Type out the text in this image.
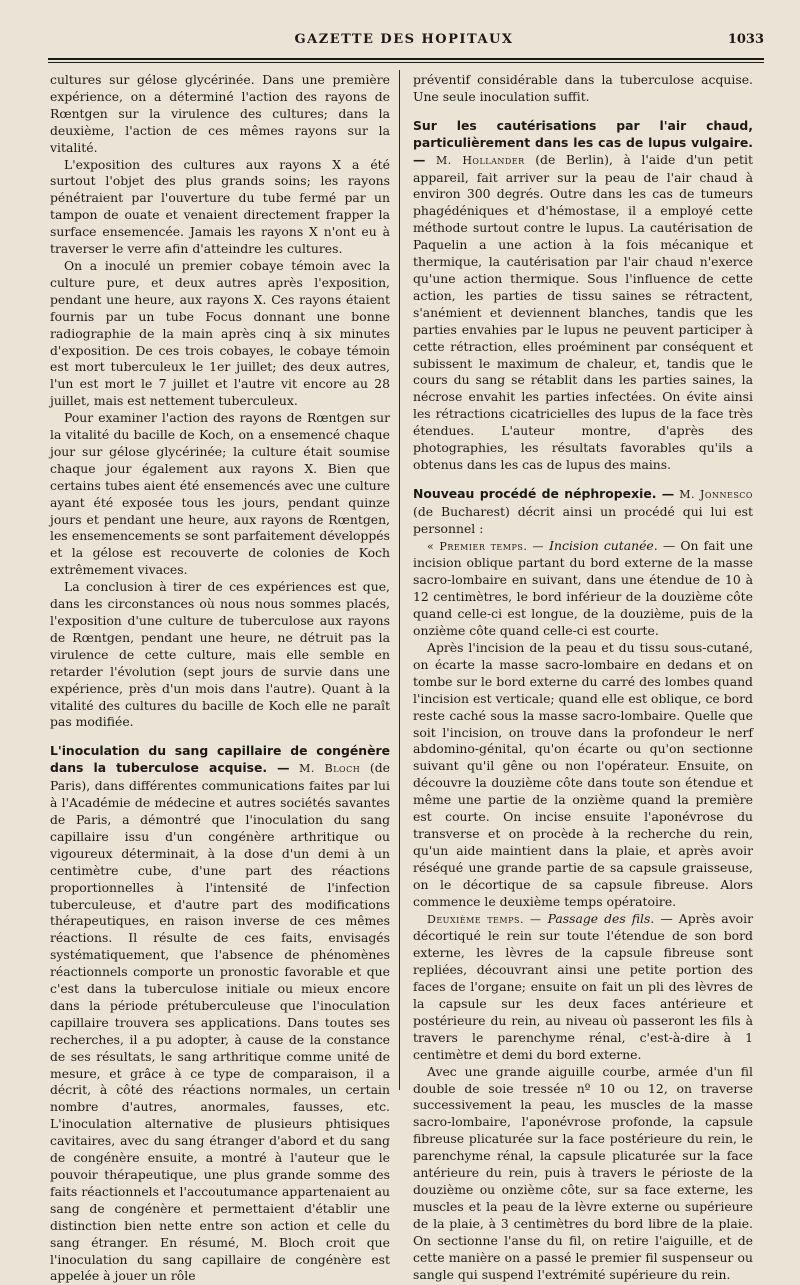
GAZETTE DES HOPITAUX	1033

cultures sur gélose glycérinée. Dans une première expérience, on a déterminé l'action des rayons de Rœntgen sur la virulence des cultures; dans la deuxième, l'action de ces mêmes rayons sur la vitalité.

L'exposition des cultures aux rayons X a été surtout l'objet des plus grands soins; les rayons pénétraient par l'ouverture du tube fermé par un tampon de ouate et venaient directement frapper la surface ensemencée. Jamais les rayons X n'ont eu à traverser le verre afin d'atteindre les cultures.

On a inoculé un premier cobaye témoin avec la culture pure, et deux autres après l'exposition, pendant une heure, aux rayons X. Ces rayons étaient fournis par un tube Focus donnant une bonne radiographie de la main après cinq à six minutes d'exposition. De ces trois cobayes, le cobaye témoin est mort tuberculeux le 1er juillet; des deux autres, l'un est mort le 7 juillet et l'autre vit encore au 28 juillet, mais est nettement tuberculeux.

Pour examiner l'action des rayons de Rœntgen sur la vitalité du bacille de Koch, on a ensemencé chaque jour sur gélose glycérinée; la culture était soumise chaque jour également aux rayons X. Bien que certains tubes aient été ensemencés avec une culture ayant été exposée tous les jours, pendant quinze jours et pendant une heure, aux rayons de Rœntgen, les ensemencements se sont parfaitement développés et la gélose est recouverte de colonies de Koch extrêmement vivaces.

La conclusion à tirer de ces expériences est que, dans les circonstances où nous nous sommes placés, l'exposition d'une culture de tuberculose aux rayons de Rœntgen, pendant une heure, ne détruit pas la virulence de cette culture, mais elle semble en retarder l'évolution (sept jours de survie dans une expérience, près d'un mois dans l'autre). Quant à la vitalité des cultures du bacille de Koch elle ne paraît pas modifiée.

L'inoculation du sang capillaire de congénère dans la tuberculose acquise. — M. Bloch (de Paris), dans différentes communications faites par lui à l'Académie de médecine et autres sociétés savantes de Paris, a démontré que l'inoculation du sang capillaire issu d'un congénère arthritique ou vigoureux déterminait, à la dose d'un demi à un centimètre cube, d'une part des réactions proportionnelles à l'intensité de l'infection tuberculeuse, et d'autre part des modifications thérapeutiques, en raison inverse de ces mêmes réactions. Il résulte de ces faits, envisagés systématiquement, que l'absence de phénomènes réactionnels comporte un pronostic favorable et que c'est dans la tuberculose initiale ou mieux encore dans la période prétuberculeuse que l'inoculation capillaire trouvera ses applications. Dans toutes ses recherches, il a pu adopter, à cause de la constance de ses résultats, le sang arthritique comme unité de mesure, et grâce à ce type de comparaison, il a décrit, à côté des réactions normales, un certain nombre d'autres, anormales, fausses, etc. L'inoculation alternative de plusieurs phtisiques cavitaires, avec du sang étranger d'abord et du sang de congénère ensuite, a montré à l'auteur que le pouvoir thérapeutique, une plus grande somme des faits réactionnels et l'accoutumance appartenaient au sang de congénère et permettaient d'établir une distinction bien nette entre son action et celle du sang étranger. En résumé, M. Bloch croit que l'inoculation du sang capillaire de congénère est appelée à jouer un rôle

préventif considérable dans la tuberculose acquise. Une seule inoculation suffit.

Sur les cautérisations par l'air chaud, particulièrement dans les cas de lupus vulgaire. — M. Hollander (de Berlin), à l'aide d'un petit appareil, fait arriver sur la peau de l'air chaud à environ 300 degrés. Outre dans les cas de tumeurs phagédéniques et d'hémostase, il a employé cette méthode surtout contre le lupus. La cautérisation de Paquelin a une action à la fois mécanique et thermique, la cautérisation par l'air chaud n'exerce qu'une action thermique. Sous l'influence de cette action, les parties de tissu saines se rétractent, s'anémient et deviennent blanches, tandis que les parties envahies par le lupus ne peuvent participer à cette rétraction, elles proéminent par conséquent et subissent le maximum de chaleur, et, tandis que le cours du sang se rétablit dans les parties saines, la nécrose envahit les parties infectées. On évite ainsi les rétractions cicatricielles des lupus de la face très étendues. L'auteur montre, d'après des photographies, les résultats favorables qu'ils a obtenus dans les cas de lupus des mains.

Nouveau procédé de néphropexie. — M. Jonnesco (de Bucharest) décrit ainsi un procédé qui lui est personnel :

« Premier temps. — Incision cutanée. — On fait une incision oblique partant du bord externe de la masse sacro-lombaire en suivant, dans une étendue de 10 à 12 centimètres, le bord inférieur de la douzième côte quand celle-ci est longue, de la douzième, puis de la onzième côte quand celle-ci est courte.

Après l'incision de la peau et du tissu sous-cutané, on écarte la masse sacro-lombaire en dedans et on tombe sur le bord externe du carré des lombes quand l'incision est verticale; quand elle est oblique, ce bord reste caché sous la masse sacro-lombaire. Quelle que soit l'incision, on trouve dans la profondeur le nerf abdomino-génital, qu'on écarte ou qu'on sectionne suivant qu'il gêne ou non l'opérateur. Ensuite, on découvre la douzième côte dans toute son étendue et même une partie de la onzième quand la première est courte. On incise ensuite l'aponévrose du transverse et on procède à la recherche du rein, qu'un aide maintient dans la plaie, et après avoir réséqué une grande partie de sa capsule graisseuse, on le décortique de sa capsule fibreuse. Alors commence le deuxième temps opératoire.

Deuxième temps. — Passage des fils. — Après avoir décortiqué le rein sur toute l'étendue de son bord externe, les lèvres de la capsule fibreuse sont repliées, découvrant ainsi une petite portion des faces de l'organe; ensuite on fait un pli des lèvres de la capsule sur les deux faces antérieure et postérieure du rein, au niveau où passeront les fils à travers le parenchyme rénal, c'est-à-dire à 1 centimètre et demi du bord externe.

Avec une grande aiguille courbe, armée d'un fil double de soie tressée nº 10 ou 12, on traverse successivement la peau, les muscles de la masse sacro-lombaire, l'aponévrose profonde, la capsule fibreuse plicaturée sur la face postérieure du rein, le parenchyme rénal, la capsule plicaturée sur la face antérieure du rein, puis à travers le périoste de la douzième ou onzième côte, sur sa face externe, les muscles et la peau de la lèvre externe ou supérieure de la plaie, à 3 centimètres du bord libre de la plaie. On sectionne l'anse du fil, on retire l'aiguille, et de cette manière on a passé le premier fil suspenseur ou sangle qui suspend l'extrémité supérieure du rein.
